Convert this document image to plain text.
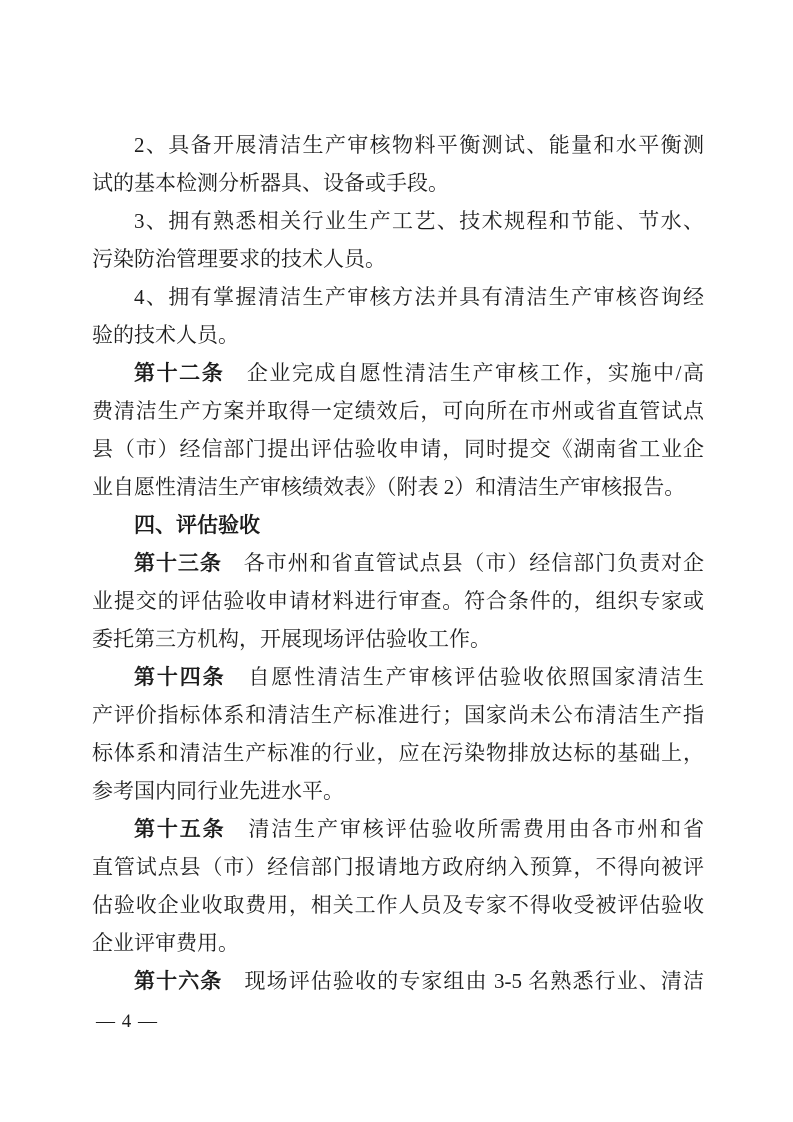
2、具备开展清洁生产审核物料平衡测试、能量和水平衡测
试的基本检测分析器具、设备或手段。
3、拥有熟悉相关行业生产工艺、技术规程和节能、节水、
污染防治管理要求的技术人员。
4、拥有掌握清洁生产审核方法并具有清洁生产审核咨询经
验的技术人员。
第十二条　企业完成自愿性清洁生产审核工作，实施中/高
费清洁生产方案并取得一定绩效后，可向所在市州或省直管试点
县（市）经信部门提出评估验收申请，同时提交《湖南省工业企
业自愿性清洁生产审核绩效表》（附表 2）和清洁生产审核报告。
四、评估验收
第十三条　各市州和省直管试点县（市）经信部门负责对企
业提交的评估验收申请材料进行审查。符合条件的，组织专家或
委托第三方机构，开展现场评估验收工作。
第十四条　自愿性清洁生产审核评估验收依照国家清洁生
产评价指标体系和清洁生产标准进行；国家尚未公布清洁生产指
标体系和清洁生产标准的行业，应在污染物排放达标的基础上，
参考国内同行业先进水平。
第十五条　清洁生产审核评估验收所需费用由各市州和省
直管试点县（市）经信部门报请地方政府纳入预算，不得向被评
估验收企业收取费用，相关工作人员及专家不得收受被评估验收
企业评审费用。
第十六条　现场评估验收的专家组由 3-5 名熟悉行业、清洁
— 4 —
